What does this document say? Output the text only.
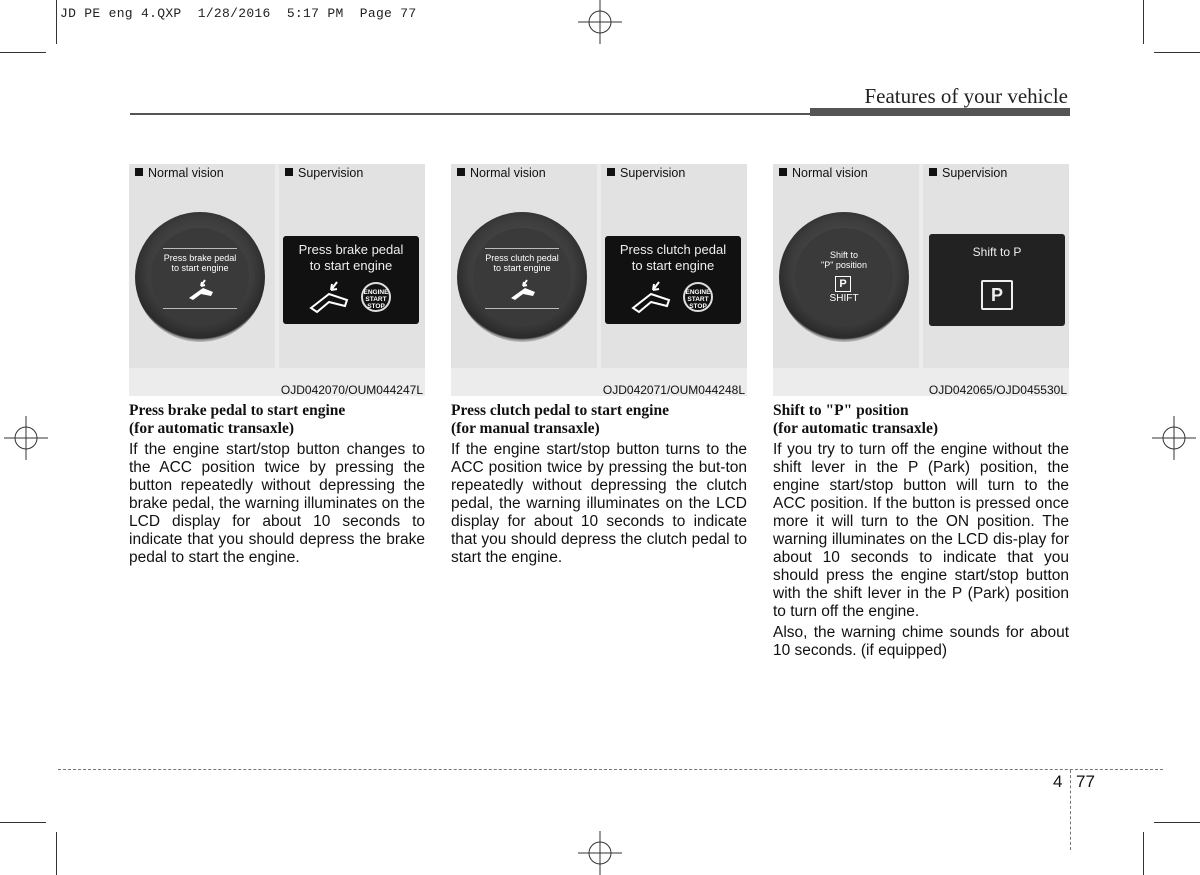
JD PE eng 4.QXP  1/28/2016  5:17 PM  Page 77
Features of your vehicle
Normal vision
Press brake pedal
to start engine
Supervision
Press brake pedal
to start engine
ENGINE
START
STOP
OJD042070/OUM044247L
Press brake pedal to start engine
(for automatic transaxle)

If the engine start/stop button changes to the ACC position twice by pressing the button repeatedly without depressing the brake pedal, the warning illuminates on the LCD display for about 10 seconds to indicate that you should depress the brake pedal to start the engine.

Normal vision
Press clutch pedal
to start engine
Supervision
Press clutch pedal
to start engine
ENGINE
START
STOP
OJD042071/OUM044248L
Press clutch pedal to start engine
(for manual transaxle)

If the engine start/stop button turns to the ACC position twice by pressing the but-ton repeatedly without depressing the clutch pedal, the warning illuminates on the LCD display for about 10 seconds to indicate that you should depress the clutch pedal to start the engine.

Normal vision
Shift to
"P" position
P
SHIFT
Supervision
Shift to P
P
OJD042065/OJD045530L
Shift to "P" position
(for automatic transaxle)

If you try to turn off the engine without the shift lever in the P (Park) position, the engine start/stop button will turn to the ACC position. If the button is pressed once more it will turn to the ON position. The warning illuminates on the LCD dis-play for about 10 seconds to indicate that you should press the engine start/stop button with the shift lever in the P (Park) position to turn off the engine.

Also, the warning chime sounds for about 10 seconds. (if equipped)

4 77
